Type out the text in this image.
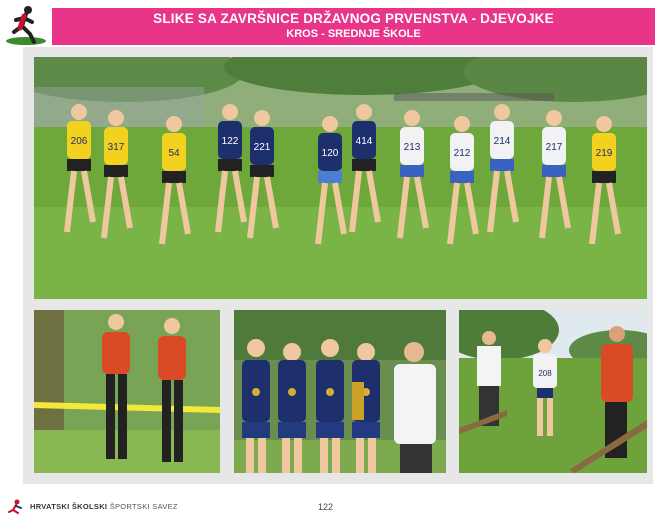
SLIKE SA ZAVRŠNICE DRŽAVNOG PRVENSTVA - DJEVOJKE
KROS - SREDNJE ŠKOLE
206
317
54
122
221
120
414
213
212
214
217
219
208
HRVATSKI ŠKOLSKI ŠPORTSKI SAVEZ	122
